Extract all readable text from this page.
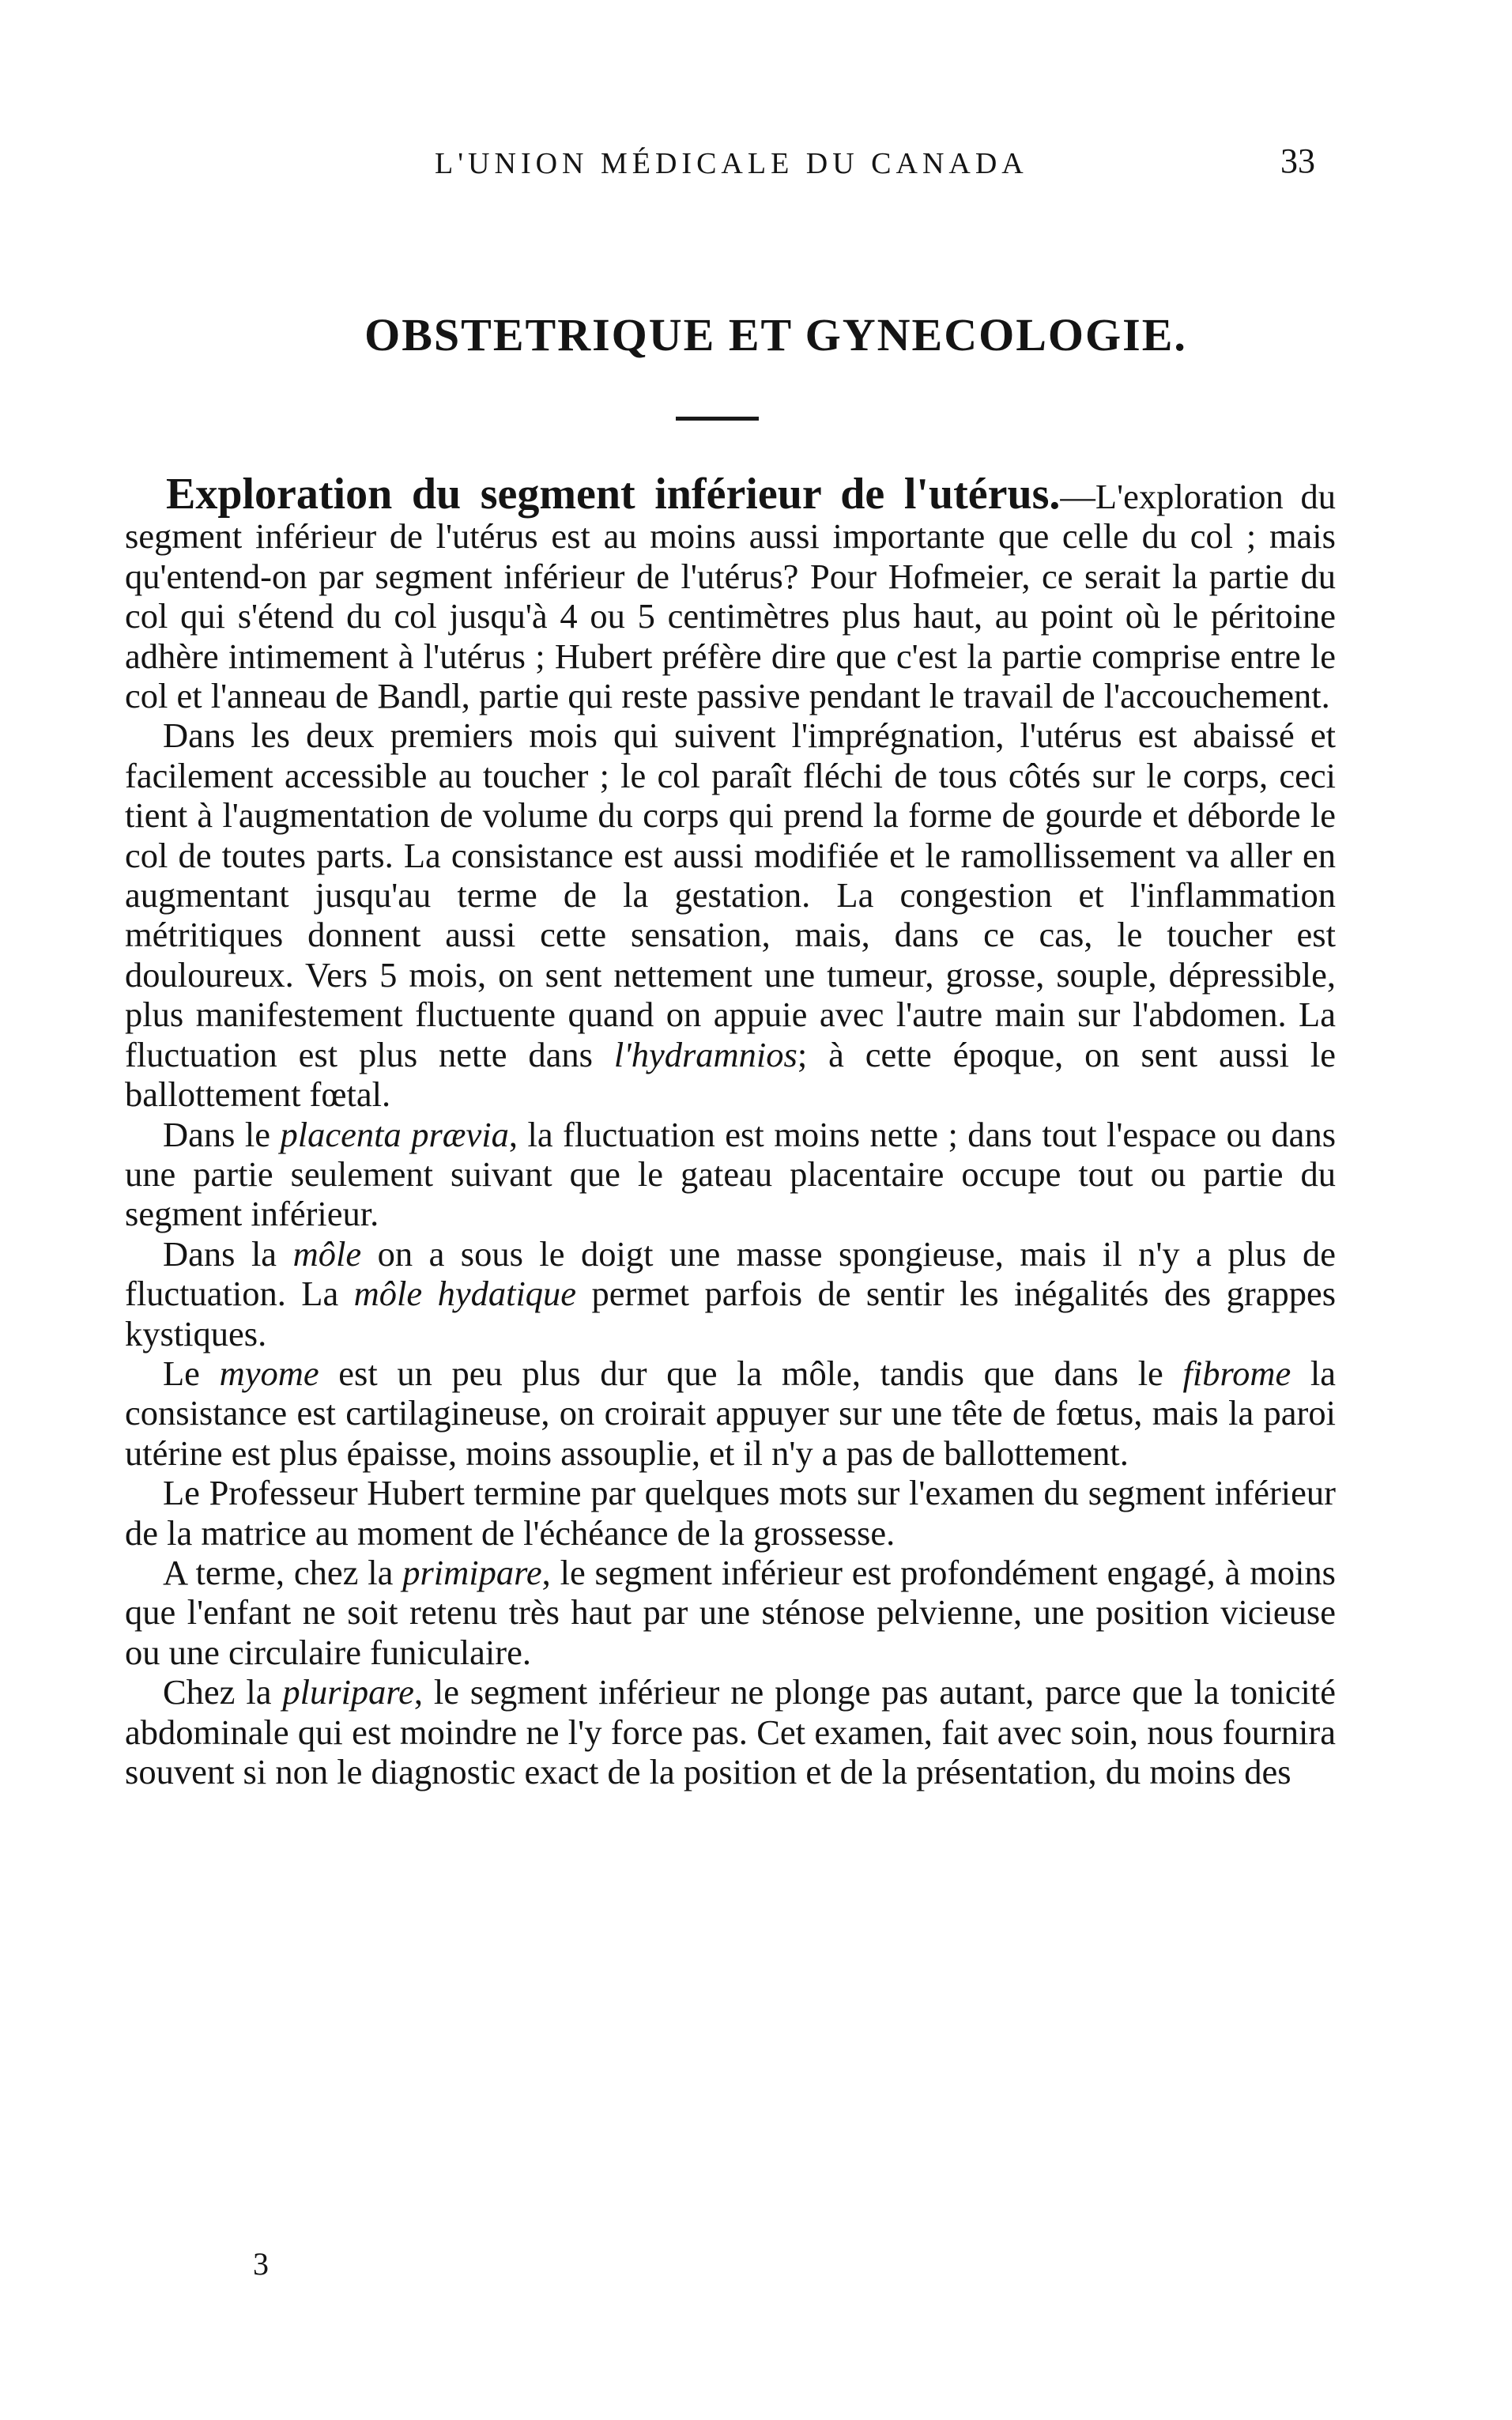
L'UNION MÉDICALE DU CANADA	33
OBSTETRIQUE ET GYNECOLOGIE.

Exploration du segment inférieur de l'utérus.—L'exploration du segment inférieur de l'utérus est au moins aussi importante que celle du col ; mais qu'entend-on par segment inférieur de l'utérus? Pour Hofmeier, ce serait la partie du col qui s'étend du col jusqu'à 4 ou 5 centimètres plus haut, au point où le péritoine adhère intimement à l'utérus ; Hubert préfère dire que c'est la partie comprise entre le col et l'anneau de Bandl, partie qui reste passive pendant le travail de l'accouchement.

Dans les deux premiers mois qui suivent l'imprégnation, l'utérus est abaissé et facilement accessible au toucher ; le col paraît fléchi de tous côtés sur le corps, ceci tient à l'augmentation de volume du corps qui prend la forme de gourde et déborde le col de toutes parts. La consistance est aussi modifiée et le ramollissement va aller en augmentant jusqu'au terme de la gestation. La congestion et l'inflammation métritiques donnent aussi cette sensation, mais, dans ce cas, le toucher est douloureux. Vers 5 mois, on sent nettement une tumeur, grosse, souple, dépressible, plus manifestement fluctuente quand on appuie avec l'autre main sur l'abdomen. La fluctuation est plus nette dans l'hydramnios; à cette époque, on sent aussi le ballottement fœtal.

Dans le placenta prævia, la fluctuation est moins nette ; dans tout l'espace ou dans une partie seulement suivant que le gateau placentaire occupe tout ou partie du segment inférieur.

Dans la môle on a sous le doigt une masse spongieuse, mais il n'y a plus de fluctuation. La môle hydatique permet parfois de sentir les inégalités des grappes kystiques.

Le myome est un peu plus dur que la môle, tandis que dans le fibrome la consistance est cartilagineuse, on croirait appuyer sur une tête de fœtus, mais la paroi utérine est plus épaisse, moins assouplie, et il n'y a pas de ballottement.

Le Professeur Hubert termine par quelques mots sur l'examen du segment inférieur de la matrice au moment de l'échéance de la grossesse.

A terme, chez la primipare, le segment inférieur est profondément engagé, à moins que l'enfant ne soit retenu très haut par une sténose pelvienne, une position vicieuse ou une circulaire funiculaire.

Chez la pluripare, le segment inférieur ne plonge pas autant, parce que la tonicité abdominale qui est moindre ne l'y force pas. Cet examen, fait avec soin, nous fournira souvent si non le diagnostic exact de la position et de la présentation, du moins des

3
